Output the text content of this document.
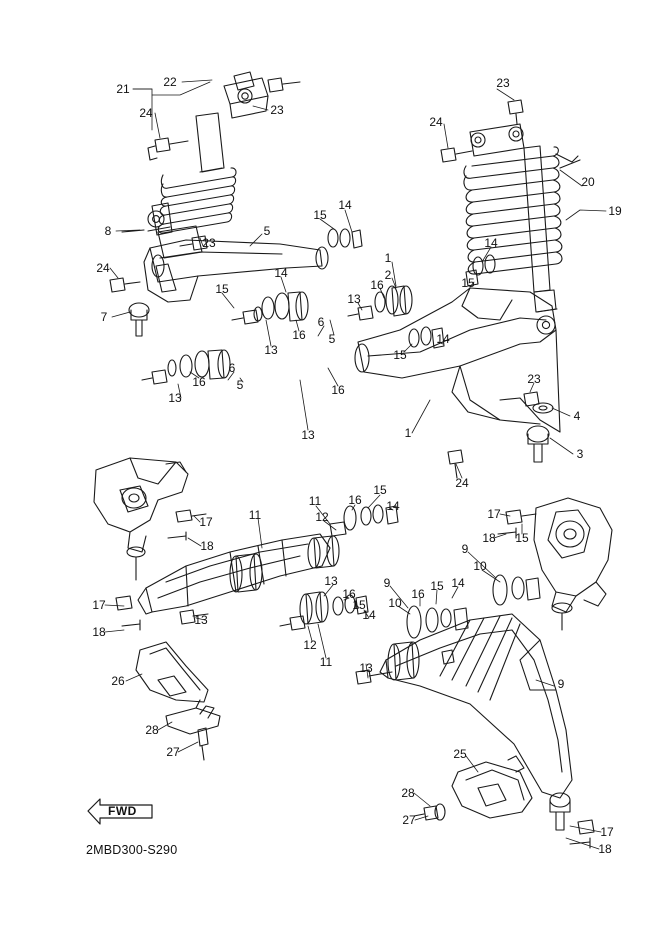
FWD
2MBD300-S290
21	22
23
24
23
24
20
19
8
23
5
15
14
24
15
14
7
13
16
6
5
16
6
5
13
13
16
1
2
13
16
14
15
14
15
23
4
1
3
24
17
18
11
11
12
16
15
14
17
18 15
9
10
14
15
16
9
10
13
16
15
14
12
11
13
13
17
18
26
28
27
9
25
28
27
17
18
